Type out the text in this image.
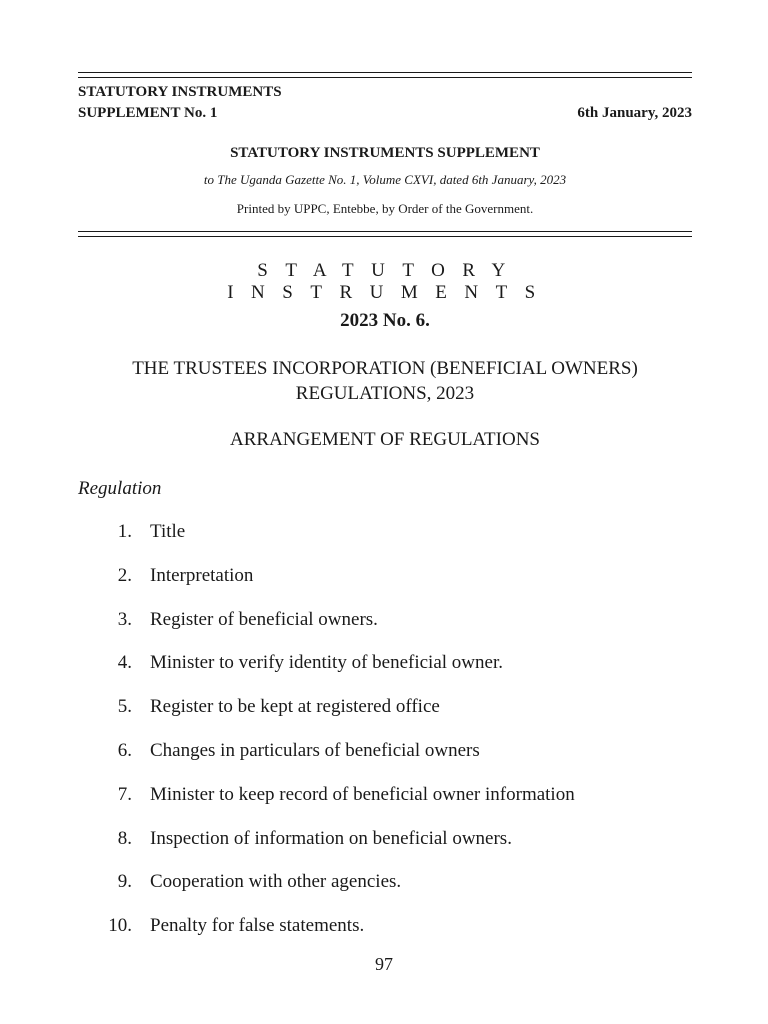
STATUTORY INSTRUMENTS
SUPPLEMENT No. 1	6th January, 2023
STATUTORY INSTRUMENTS SUPPLEMENT
to The Uganda Gazette No. 1, Volume CXVI, dated 6th January, 2023
Printed by UPPC, Entebbe, by Order of the Government.
STATUTORY INSTRUMENTS
2023 No. 6.
THE TRUSTEES INCORPORATION (BENEFICIAL OWNERS)
REGULATIONS, 2023
ARRANGEMENT OF REGULATIONS
Regulation
1. Title
2. Interpretation
3. Register of beneficial owners.
4. Minister to verify identity of beneficial owner.
5. Register to be kept at registered office
6. Changes in particulars of beneficial owners
7. Minister to keep record of beneficial owner information
8. Inspection of information on beneficial owners.
9. Cooperation with other agencies.
10. Penalty for false statements.
97
